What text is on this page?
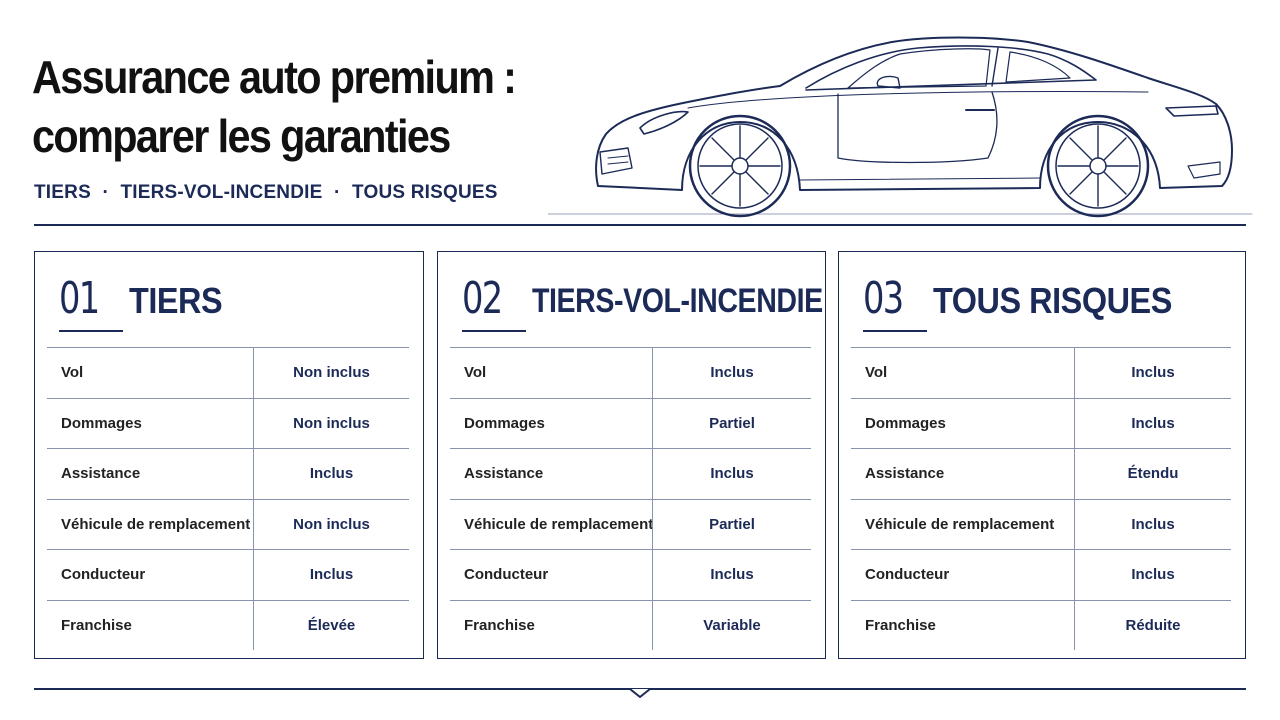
Assurance auto premium :
comparer les garanties
TIERS · TIERS-VOL-INCENDIE · TOUS RISQUES
01 TIERS
Vol	Non inclus
Dommages	Non inclus
Assistance	Inclus
Véhicule de remplacement	Non inclus
Conducteur	Inclus
Franchise	Élevée
02 TIERS-VOL-INCENDIE
Vol	Inclus
Dommages	Partiel
Assistance	Inclus
Véhicule de remplacement	Partiel
Conducteur	Inclus
Franchise	Variable
03 TOUS RISQUES
Vol	Inclus
Dommages	Inclus
Assistance	Étendu
Véhicule de remplacement	Inclus
Conducteur	Inclus
Franchise	Réduite
